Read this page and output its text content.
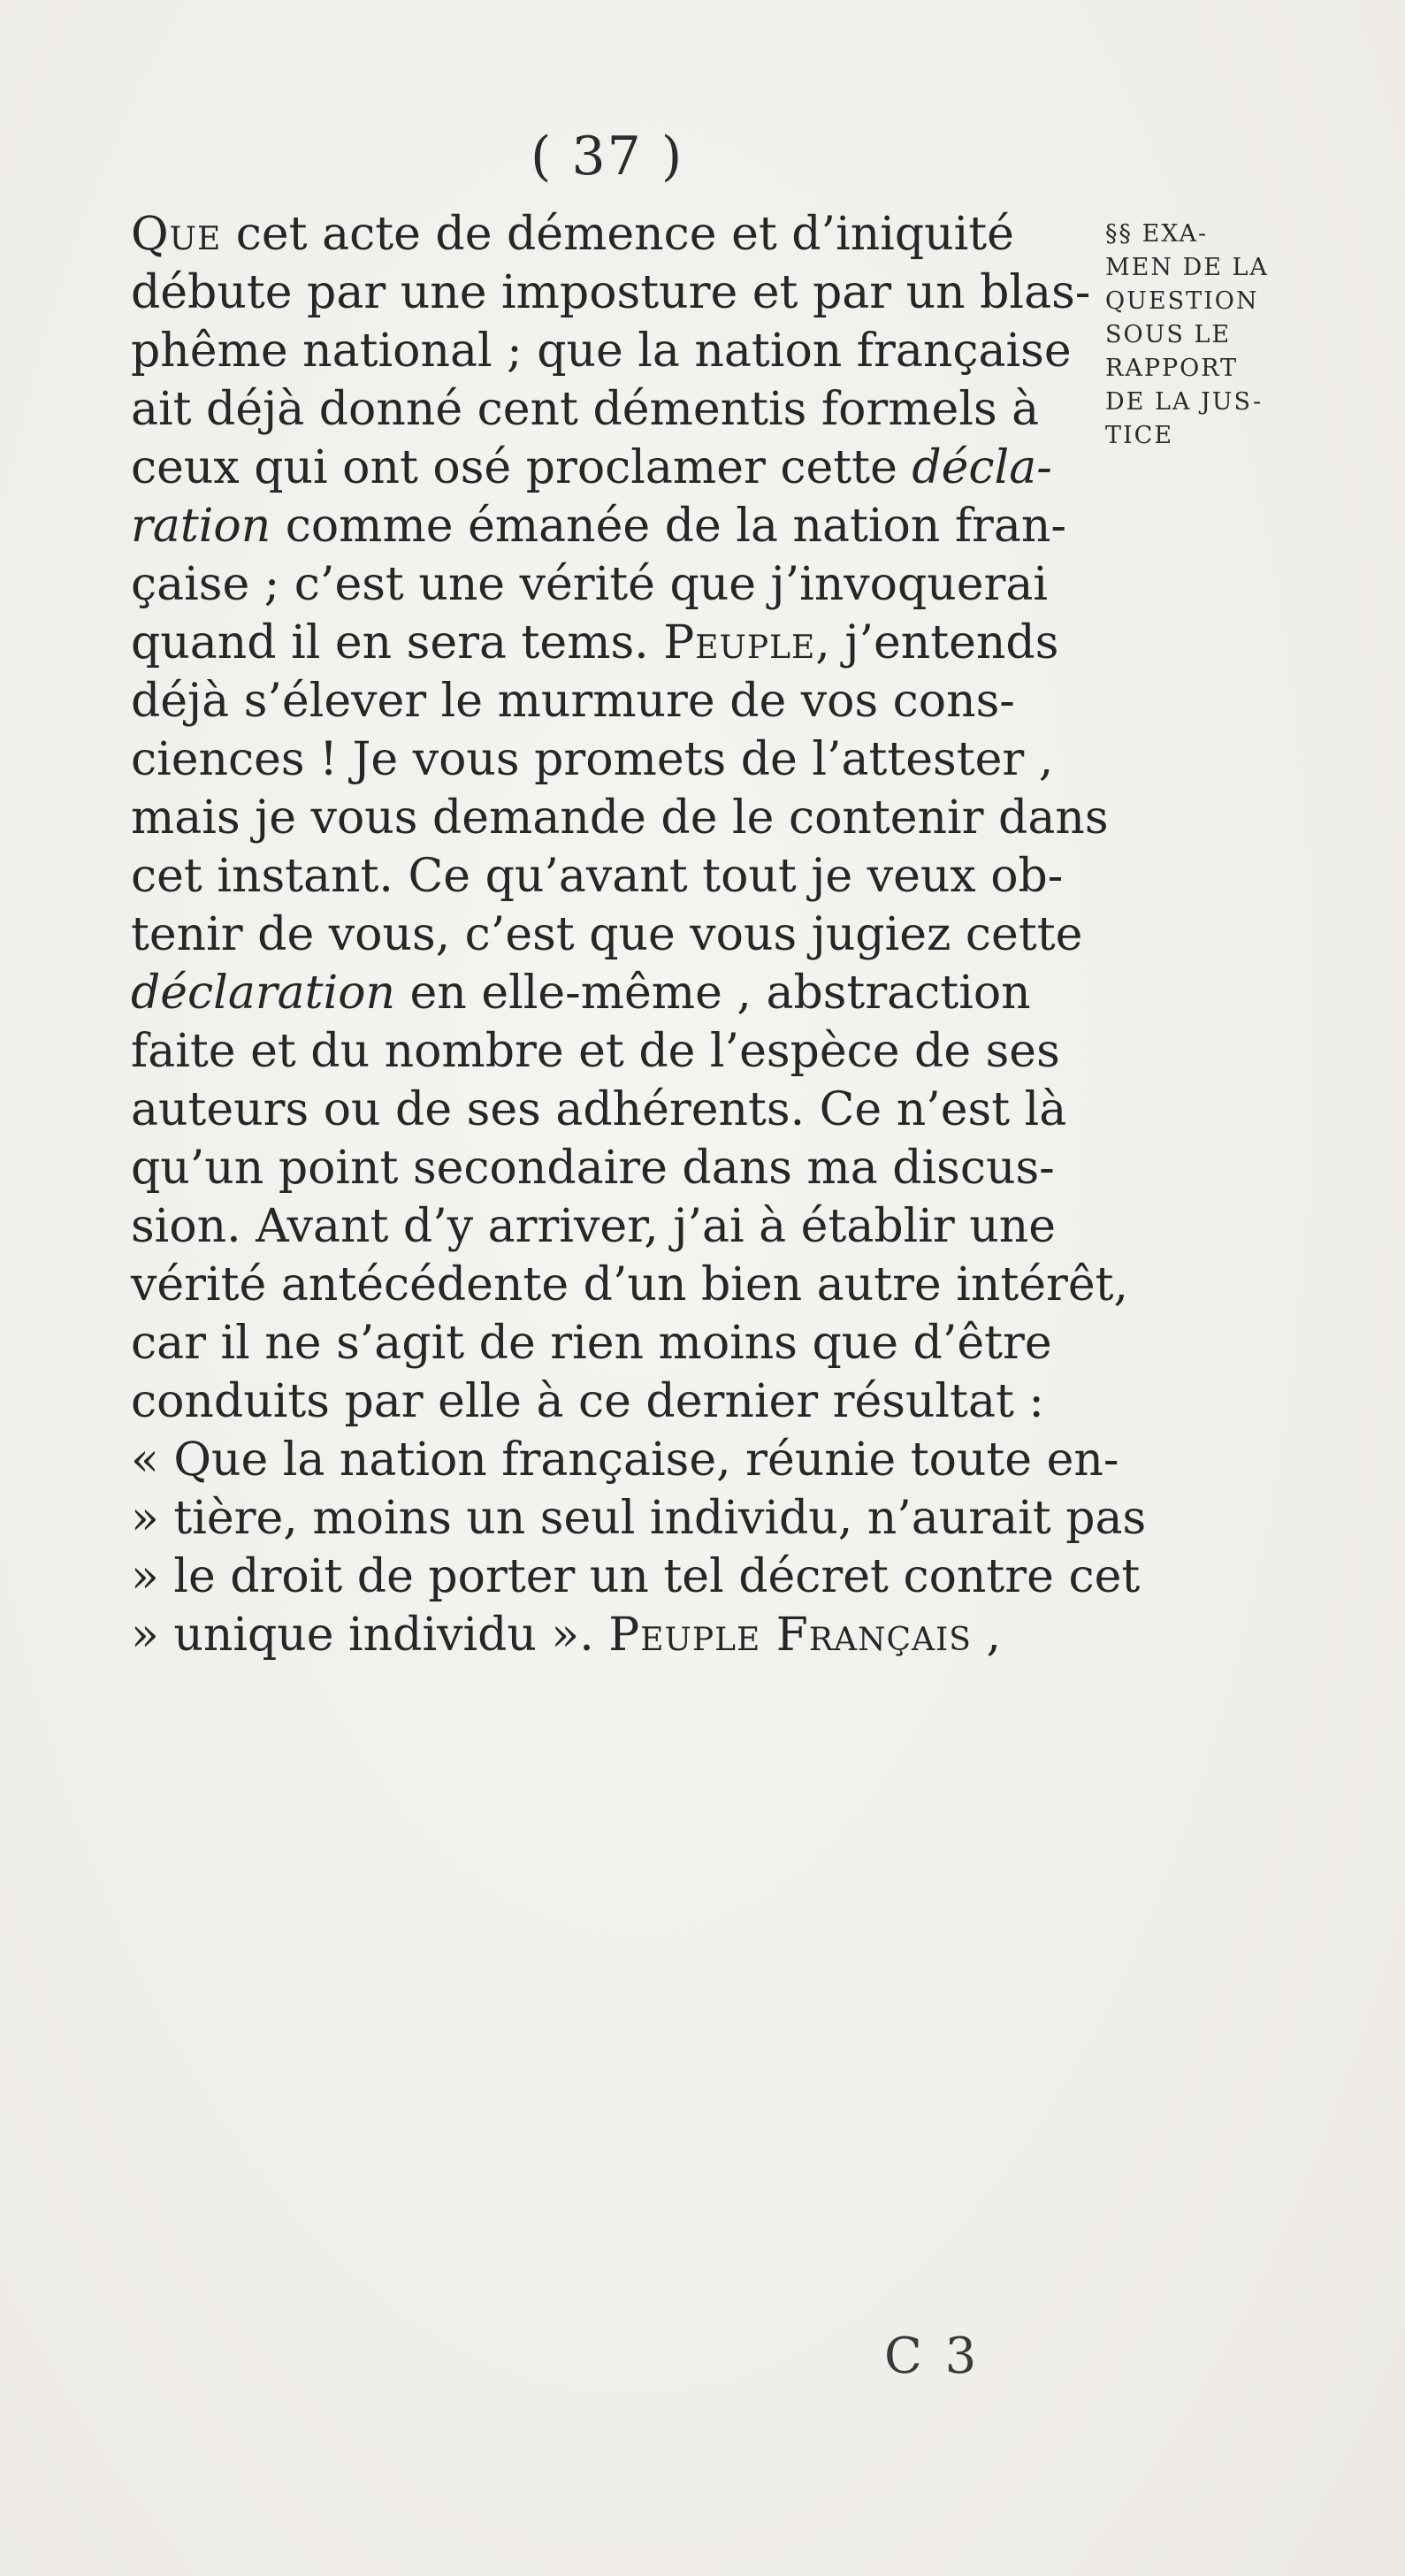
( 37 )
Que cet acte de démence et d’iniquité
débute par une imposture et par un blas-
phême national ; que la nation française
ait déjà donné cent démentis formels à
ceux qui ont osé proclamer cette décla-
ration comme émanée de la nation fran-
çaise ; c’est une vérité que j’invoquerai
quand il en sera tems. Peuple, j’entends
déjà s’élever le murmure de vos cons-
ciences ! Je vous promets de l’attester ,
mais je vous demande de le contenir dans
cet instant. Ce qu’avant tout je veux ob-
tenir de vous, c’est que vous jugiez cette
déclaration en elle-même , abstraction
faite et du nombre et de l’espèce de ses
auteurs ou de ses adhérents. Ce n’est là
qu’un point secondaire dans ma discus-
sion. Avant d’y arriver, j’ai à établir une
vérité antécédente d’un bien autre intérêt,
car il ne s’agit de rien moins que d’être
conduits par elle à ce dernier résultat :
« Que la nation française, réunie toute en-
» tière, moins un seul individu, n’aurait pas
» le droit de porter un tel décret contre cet
» unique individu ». Peuple Français ,
§§ EXA-
MEN DE LA
QUESTION
SOUS LE
RAPPORT
DE LA JUS-
TICE
C 3
